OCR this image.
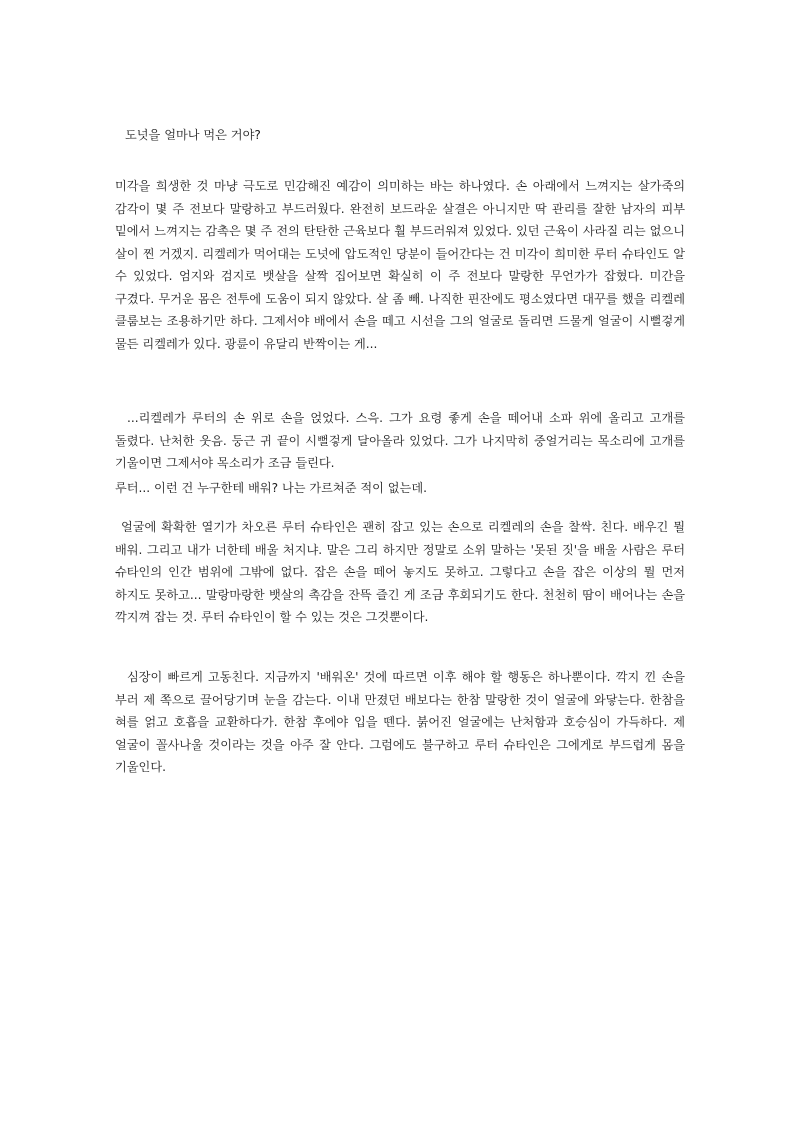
도넛을 얼마나 먹은 거야?

미각을 희생한 것 마냥 극도로 민감해진 예감이 의미하는 바는 하나였다. 손 아래에서 느껴지는 살가죽의 감각이 몇 주 전보다 말랑하고 부드러웠다. 완전히 보드라운 살결은 아니지만 딱 관리를 잘한 남자의 피부 밑에서 느껴지는 감촉은 몇 주 전의 탄탄한 근육보다 훨 부드러워져 있었다. 있던 근육이 사라질 리는 없으니 살이 찐 거겠지. 리켈레가 먹어대는 도넛에 압도적인 당분이 들어간다는 건 미각이 희미한 루터 슈타인도 알 수 있었다. 엄지와 검지로 뱃살을 살짝 집어보면 확실히 이 주 전보다 말랑한 무언가가 잡혔다. 미간을 구겼다. 무거운 몸은 전투에 도움이 되지 않았다. 살 좀 빼. 나직한 핀잔에도 평소였다면 대꾸를 했을 리켈레 클룸보는 조용하기만 하다. 그제서야 배에서 손을 떼고 시선을 그의 얼굴로 돌리면 드물게 얼굴이 시뻘겋게 물든 리켈레가 있다. 광륜이 유달리 반짝이는 게...

...리켈레가 루터의 손 위로 손을 얹었다. 스윽. 그가 요령 좋게 손을 떼어내 소파 위에 올리고 고개를 돌렸다. 난처한 웃음. 둥근 귀 끝이 시뻘겋게 달아올라 있었다. 그가 나지막히 중얼거리는 목소리에 고개를 기울이면 그제서야 목소리가 조금 들린다.

루터... 이런 건 누구한테 배워? 나는 가르쳐준 적이 없는데.

얼굴에 확확한 열기가 차오른 루터 슈타인은 괜히 잡고 있는 손으로 리켈레의 손을 찰싹. 친다. 배우긴 뭘 배워. 그리고 내가 너한테 배울 처지냐. 말은 그리 하지만 정말로 소위 말하는 '못된 짓'을 배울 사람은 루터 슈타인의 인간 범위에 그밖에 없다. 잡은 손을 떼어 놓지도 못하고. 그렇다고 손을 잡은 이상의 뭘 먼저 하지도 못하고... 말랑마랑한 뱃살의 촉감을 잔뜩 즐긴 게 조금 후회되기도 한다. 천천히 땀이 배어나는 손을 깍지껴 잡는 것. 루터 슈타인이 할 수 있는 것은 그것뿐이다.

심장이 빠르게 고동친다. 지금까지 '배워온' 것에 따르면 이후 해야 할 행동은 하나뿐이다. 깍지 낀 손을 부러 제 쪽으로 끌어당기며 눈을 감는다. 이내 만졌던 배보다는 한참 말랑한 것이 얼굴에 와닿는다. 한참을 혀를 얽고 호흡을 교환하다가. 한참 후에야 입을 뗀다. 붉어진 얼굴에는 난처함과 호승심이 가득하다. 제 얼굴이 꼴사나울 것이라는 것을 아주 잘 안다. 그럼에도 불구하고 루터 슈타인은 그에게로 부드럽게 몸을 기울인다.
